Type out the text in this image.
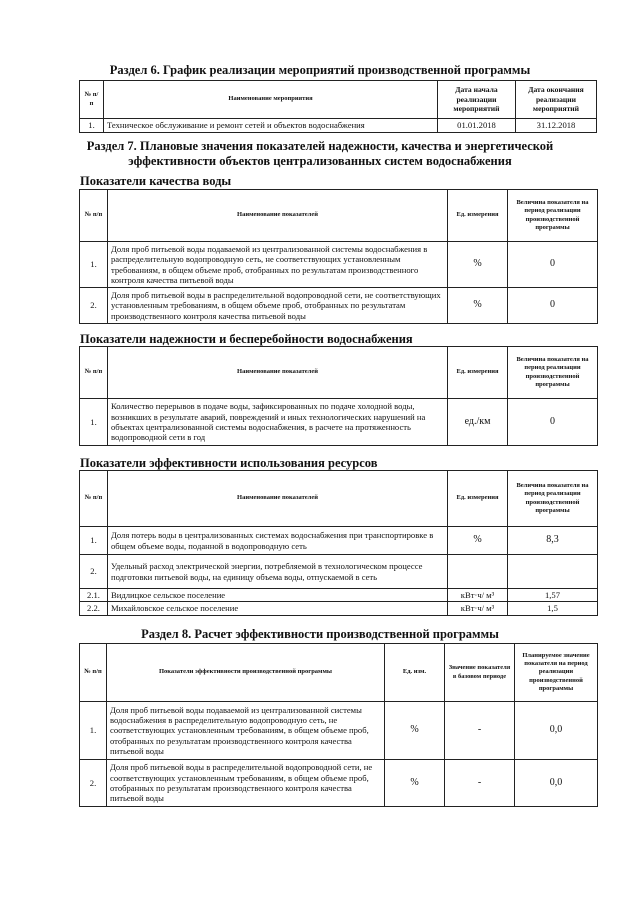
Раздел 6. График реализации мероприятий производственной программы
№ п/п	Наименование мероприятия	Дата начала реализации мероприятий	Дата окончания реализации мероприятий
1.	Техническое обслуживание и ремонт сетей и объектов водоснабжения	01.01.2018	31.12.2018
Раздел 7. Плановые значения показателей надежности, качества и энергетической
эффективности объектов централизованных систем водоснабжения
Показатели качества воды
№ п/п	Наименование показателей	Ед. измерения	Величина показателя на период реализации производственной программы
1.	Доля проб питьевой воды подаваемой из централизованной системы водоснабжения в распределительную водопроводную сеть, не соответствующих установленным требованиям, в общем объеме проб, отобранных по результатам производственного контроля качества питьевой воды	%	0
2.	Доля проб питьевой воды в распределительной водопроводной сети, не соответствующих установленным требованиям, в общем объеме проб, отобранных по результатам производственного контроля качества питьевой воды	%	0
Показатели надежности и бесперебойности водоснабжения
№ п/п	Наименование показателей	Ед. измерения	Величина показателя на период реализации производственной программы
1.	Количество перерывов в подаче воды, зафиксированных по подаче холодной воды, возникших в результате аварий, повреждений и иных технологических нарушений на объектах централизованной системы водоснабжения, в расчете на протяженность водопроводной сети в год	ед./км	0
Показатели эффективности использования ресурсов
№ п/п	Наименование показателей	Ед. измерения	Величина показателя на период реализации производственной программы
1.	Доля потерь воды в централизованных системах водоснабжения при транспортировке в общем объеме воды, поданной в водопроводную сеть	%	8,3
2.	Удельный расход электрической энергии, потребляемой в технологическом процессе подготовки питьевой воды, на единицу объема воды, отпускаемой в сеть		
2.1.	Видлицкое сельское поселение	кВт·ч/ м³	1,57
2.2.	Михайловское сельское поселение	кВт·ч/ м³	1,5
Раздел 8. Расчет эффективности производственной программы
№ п/п	Показатели эффективности производственной программы	Ед. изм.	Значение показателя в базовом периоде	Планируемое значение показателя на период реализации производственной программы
1.	Доля проб питьевой воды подаваемой из централизованной системы водоснабжения в распределительную водопроводную сеть, не соответствующих установленным требованиям, в общем объеме проб, отобранных по результатам производственного контроля качества питьевой воды	%	-	0,0
2.	Доля проб питьевой воды в распределительной водопроводной сети, не соответствующих установленным требованиям, в общем объеме проб, отобранных по результатам производственного контроля качества питьевой воды	%	-	0,0
